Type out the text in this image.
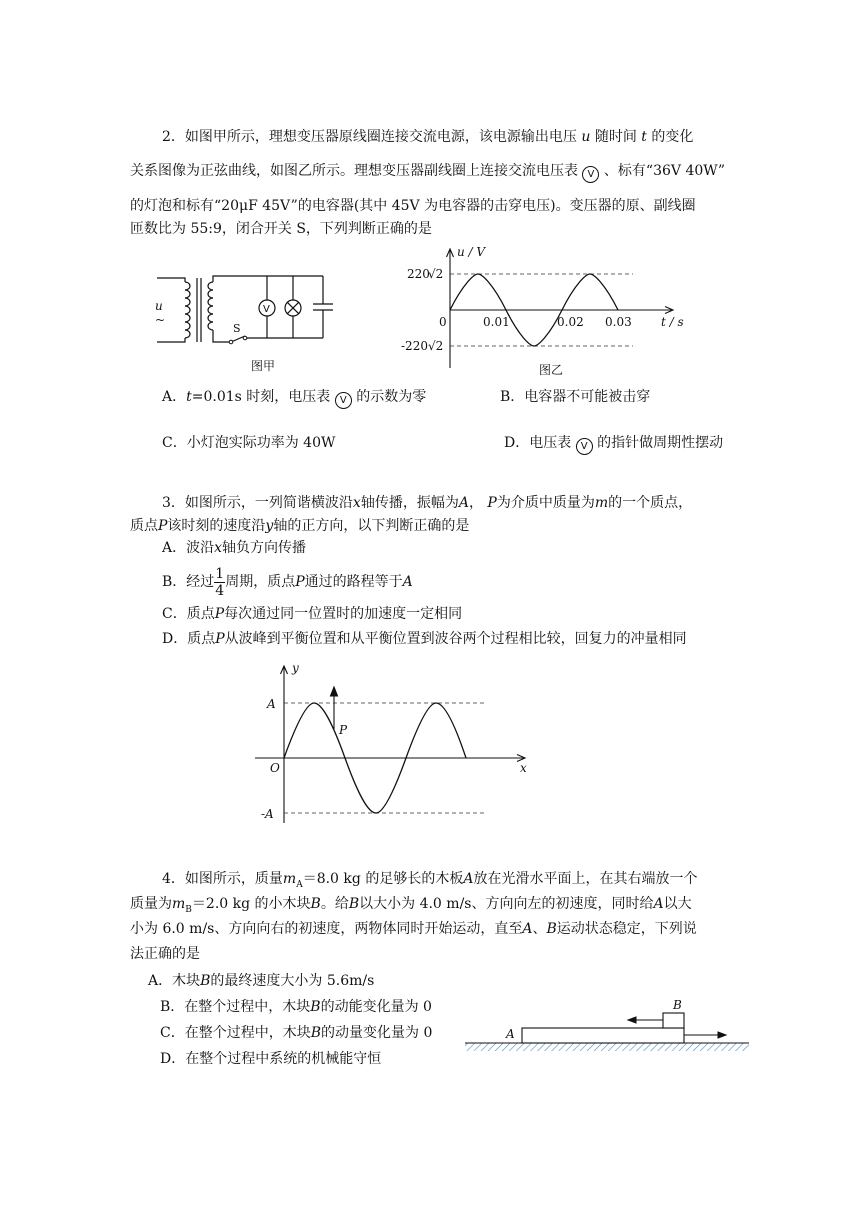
2．如图甲所示，理想变压器原线圈连接交流电源，该电源输出电压 u 随时间 t 的变化
关系图像为正弦曲线，如图乙所示。理想变压器副线圈上连接交流电压表 V 、标有“36V 40W”
的灯泡和标有“20μF 45V”的电容器(其中 45V 为电容器的击穿电压)。变压器的原、副线圈
匝数比为 55:9，闭合开关 S，下列判断正确的是
u
~
S
V
图甲
u / V
t / s
0
220
√2
-220 √2
0.01	0.02 0.03
图乙
A．t=0.01s 时刻，电压表 V 的示数为零	B．电容器不可能被击穿
C．小灯泡实际功率为 40W	D．电压表 V 的指针做周期性摆动
3．如图所示，一列简谐横波沿x轴传播，振幅为A， P为介质中质量为m的一个质点，
质点P该时刻的速度沿y轴的正方向，以下判断正确的是
A．波沿x轴负方向传播
B．经过 $\frac{1}{4}$ 周期，质点P通过的路程等于A
C．质点P每次通过同一位置时的加速度一定相同
D．质点P从波峰到平衡位置和从平衡位置到波谷两个过程相比较，回复力的冲量相同
y
x
O
A
-A
P
4．如图所示，质量$m_A=8.0$ kg 的足够长的木板A放在光滑水平面上，在其右端放一个
质量为$m_B=2.0$ kg 的小木块B。给B以大小为 4.0 m/s、方向向左的初速度，同时给A以大
小为 6.0 m/s、方向向右的初速度，两物体同时开始运动，直至A、B运动状态稳定，下列说
法正确的是
A．木块B的最终速度大小为 5.6m/s
B．在整个过程中，木块B的动能变化量为 0
C．在整个过程中，木块B的动量变化量为 0
D．在整个过程中系统的机械能守恒
A
B
